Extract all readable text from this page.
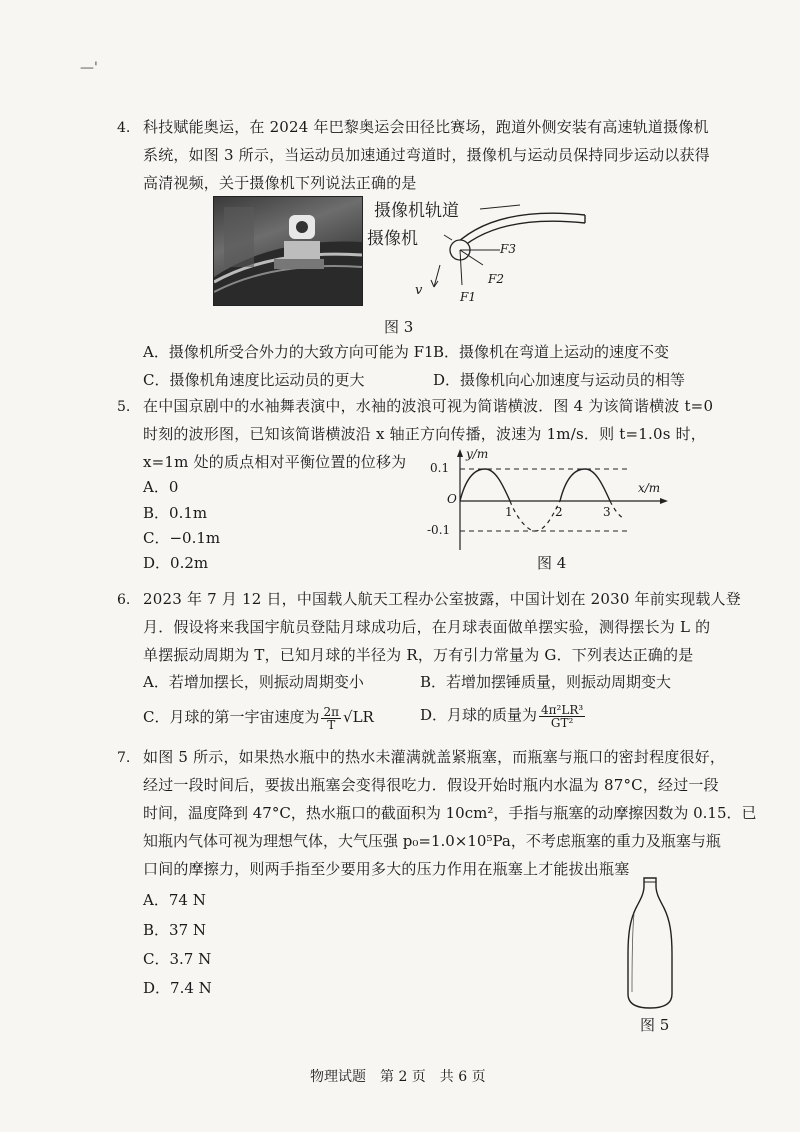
—'
4. 科技赋能奥运，在 2024 年巴黎奥运会田径比赛场，跑道外侧安装有高速轨道摄像机
系统，如图 3 所示，当运动员加速通过弯道时，摄像机与运动员保持同步运动以获得
高清视频，关于摄像机下列说法正确的是
摄像机轨道
摄像机	F3
F2
F1
v
图 3
A．摄像机所受合外力的大致方向可能为 F1 B．摄像机在弯道上运动的速度不变
C．摄像机角速度比运动员的更大	D．摄像机向心加速度与运动员的相等
5. 在中国京剧中的水袖舞表演中，水袖的波浪可视为简谐横波．图 4 为该简谐横波 t=0
时刻的波形图，已知该简谐横波沿 x 轴正方向传播，波速为 1m/s．则 t=1.0s 时，
x=1m 处的质点相对平衡位置的位移为
A．0
B．0.1m
C．−0.1m
D．0.2m
y/m
x/m
0.1
-0.1
O
1	2	3
图 4
6. 2023 年 7 月 12 日，中国载人航天工程办公室披露，中国计划在 2030 年前实现载人登
月．假设将来我国宇航员登陆月球成功后，在月球表面做单摆实验，测得摆长为 L 的
单摆振动周期为 T，已知月球的半径为 R，万有引力常量为 G．下列表达正确的是
A．若增加摆长，则振动周期变小	B．若增加摆锤质量，则振动周期变大
C．月球的第一宇宙速度为 $\frac{2\pi}{T} √LR$	D．月球的质量为 $\frac{\text{4π²LR³}}{\text{GT²}}$
7. 如图 5 所示，如果热水瓶中的热水未灌满就盖紧瓶塞，而瓶塞与瓶口的密封程度很好，
经过一段时间后，要拔出瓶塞会变得很吃力．假设开始时瓶内水温为 87°C，经过一段
时间，温度降到 47°C，热水瓶口的截面积为 10cm²，手指与瓶塞的动摩擦因数为 0.15．已
知瓶内气体可视为理想气体，大气压强 p₀=1.0×10⁵Pa，不考虑瓶塞的重力及瓶塞与瓶
口间的摩擦力，则两手指至少要用多大的压力作用在瓶塞上才能拔出瓶塞
A．74 N
B．37 N
C．3.7 N
D．7.4 N
图 5
物理试题　第 2 页　共 6 页
